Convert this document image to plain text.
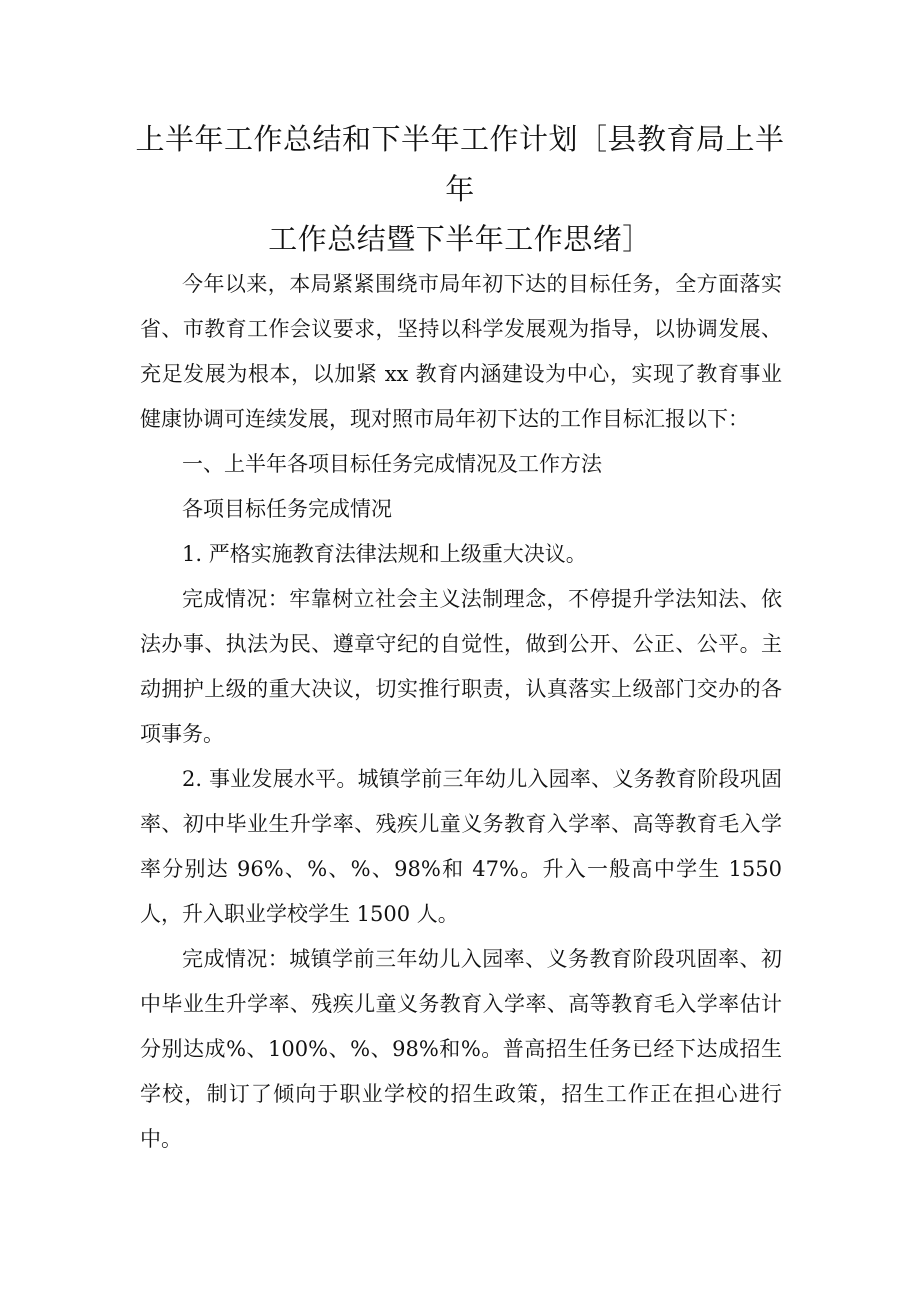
上半年工作总结和下半年工作计划［县教育局上半年
工作总结暨下半年工作思绪］

今年以来，本局紧紧围绕市局年初下达的目标任务，全方面落实省、市教育工作会议要求，坚持以科学发展观为指导，以协调发展、充足发展为根本，以加紧 xx 教育内涵建设为中心，实现了教育事业健康协调可连续发展，现对照市局年初下达的工作目标汇报以下：

一、上半年各项目标任务完成情况及工作方法

各项目标任务完成情况

1. 严格实施教育法律法规和上级重大决议。

完成情况：牢靠树立社会主义法制理念，不停提升学法知法、依法办事、执法为民、遵章守纪的自觉性，做到公开、公正、公平。主动拥护上级的重大决议，切实推行职责，认真落实上级部门交办的各项事务。

2. 事业发展水平。城镇学前三年幼儿入园率、义务教育阶段巩固率、初中毕业生升学率、残疾儿童义务教育入学率、高等教育毛入学率分别达 96%、%、%、98%和 47%。升入一般高中学生 1550 人，升入职业学校学生 1500 人。

完成情况：城镇学前三年幼儿入园率、义务教育阶段巩固率、初中毕业生升学率、残疾儿童义务教育入学率、高等教育毛入学率估计分别达成%、100%、%、98%和%。普高招生任务已经下达成招生学校，制订了倾向于职业学校的招生政策，招生工作正在担心进行中。
